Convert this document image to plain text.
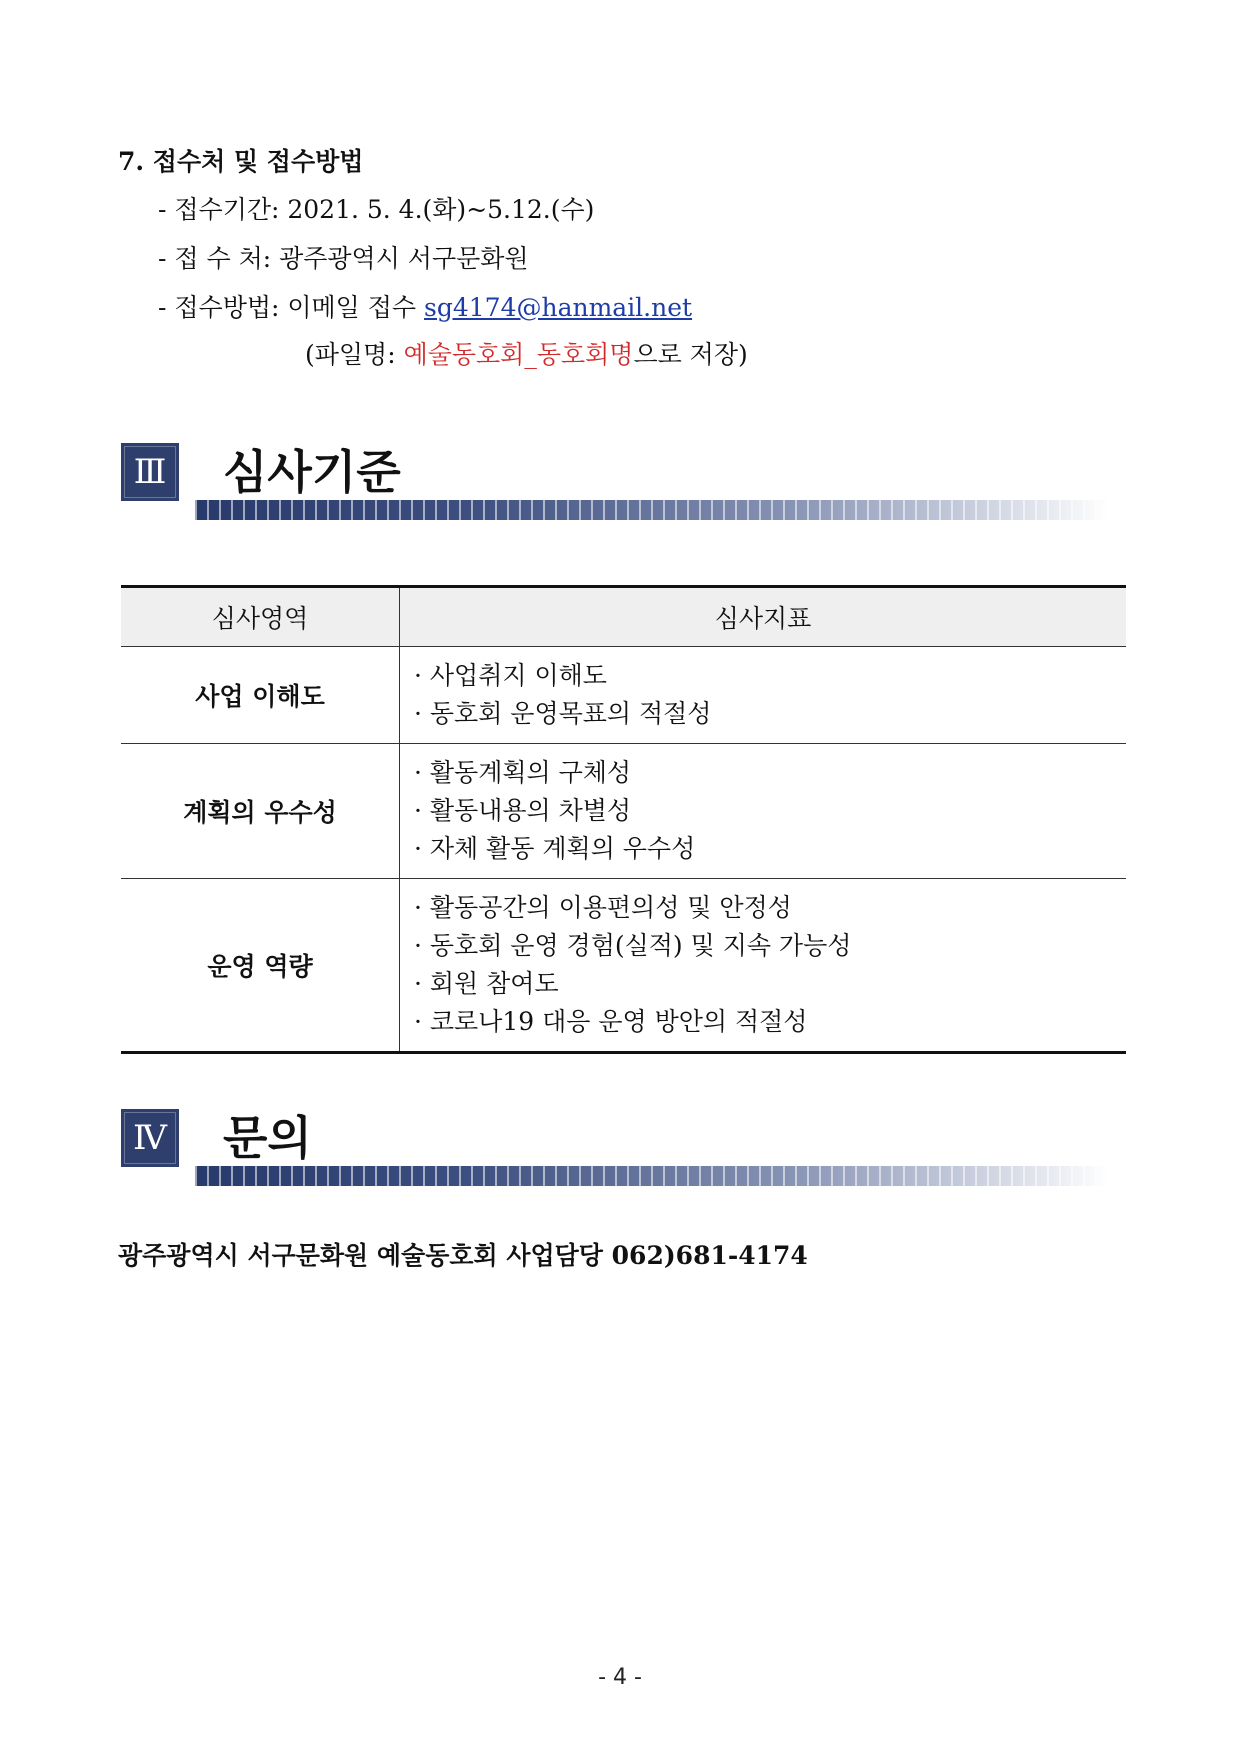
7. 접수처 및 접수방법
- 접수기간: 2021. 5. 4.(화)~5.12.(수)
- 접 수 처: 광주광역시 서구문화원
- 접수방법: 이메일 접수 sg4174@hanmail.net
(파일명: 예술동호회_동호회명으로 저장)
Ⅲ 심사기준
심사영역	심사지표
사업 이해도	· 사업취지 이해도
· 동호회 운영목표의 적절성

계획의 우수성	· 활동계획의 구체성
· 활동내용의 차별성
· 자체 활동 계획의 우수성

운영 역량	· 활동공간의 이용편의성 및 안정성
· 동호회 운영 경험(실적) 및 지속 가능성
· 회원 참여도
· 코로나19 대응 운영 방안의 적절성
Ⅳ 문의
광주광역시 서구문화원 예술동호회 사업담당 062)681-4174
- 4 -
